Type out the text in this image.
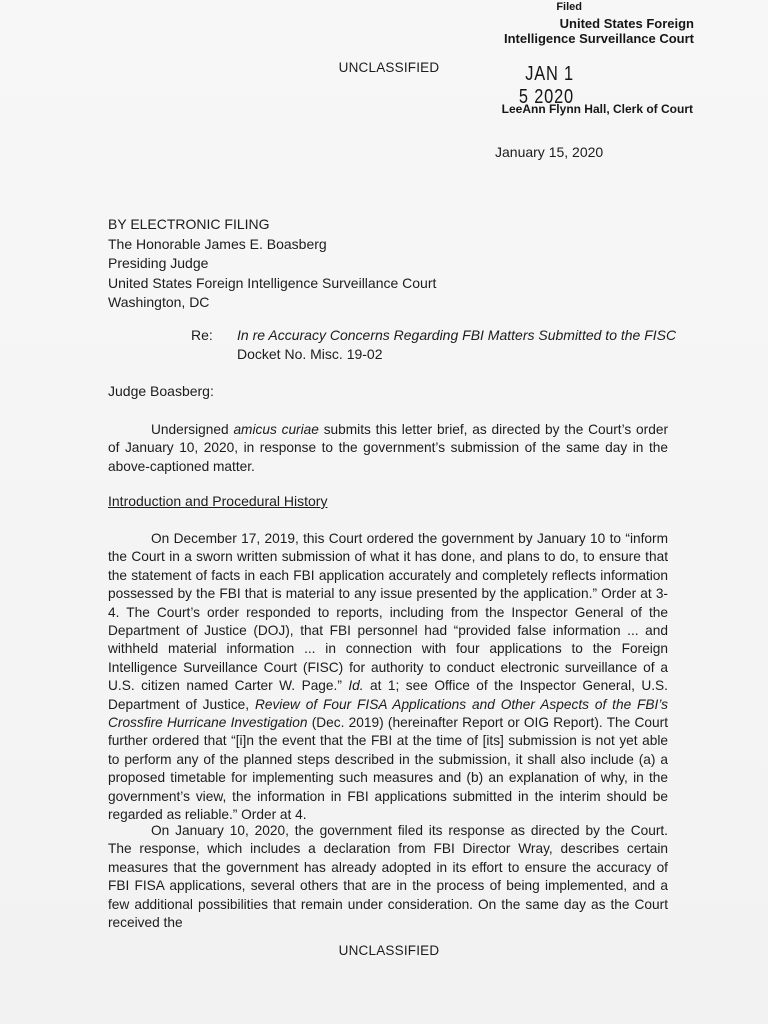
Filed
United States Foreign
Intelligence Surveillance Court
JAN 1 5 2020
LeeAnn Flynn Hall, Clerk of Court
UNCLASSIFIED
January 15, 2020
BY ELECTRONIC FILING
The Honorable James E. Boasberg
Presiding Judge
United States Foreign Intelligence Surveillance Court
Washington, DC
Re: In re Accuracy Concerns Regarding FBI Matters Submitted to the FISC
Docket No. Misc. 19-02
Judge Boasberg:
Undersigned amicus curiae submits this letter brief, as directed by the Court’s order of January 10, 2020, in response to the government’s submission of the same day in the above-captioned matter.
Introduction and Procedural History
On December 17, 2019, this Court ordered the government by January 10 to “inform the Court in a sworn written submission of what it has done, and plans to do, to ensure that the statement of facts in each FBI application accurately and completely reflects information possessed by the FBI that is material to any issue presented by the application.” Order at 3-4. The Court’s order responded to reports, including from the Inspector General of the Department of Justice (DOJ), that FBI personnel had “provided false information ... and withheld material information ... in connection with four applications to the Foreign Intelligence Surveillance Court (FISC) for authority to conduct electronic surveillance of a U.S. citizen named Carter W. Page.” Id. at 1; see Office of the Inspector General, U.S. Department of Justice, Review of Four FISA Applications and Other Aspects of the FBI’s Crossfire Hurricane Investigation (Dec. 2019) (hereinafter Report or OIG Report). The Court further ordered that “[i]n the event that the FBI at the time of [its] submission is not yet able to perform any of the planned steps described in the submission, it shall also include (a) a proposed timetable for implementing such measures and (b) an explanation of why, in the government’s view, the information in FBI applications submitted in the interim should be regarded as reliable.” Order at 4.
On January 10, 2020, the government filed its response as directed by the Court. The response, which includes a declaration from FBI Director Wray, describes certain measures that the government has already adopted in its effort to ensure the accuracy of FBI FISA applications, several others that are in the process of being implemented, and a few additional possibilities that remain under consideration. On the same day as the Court received the
UNCLASSIFIED
